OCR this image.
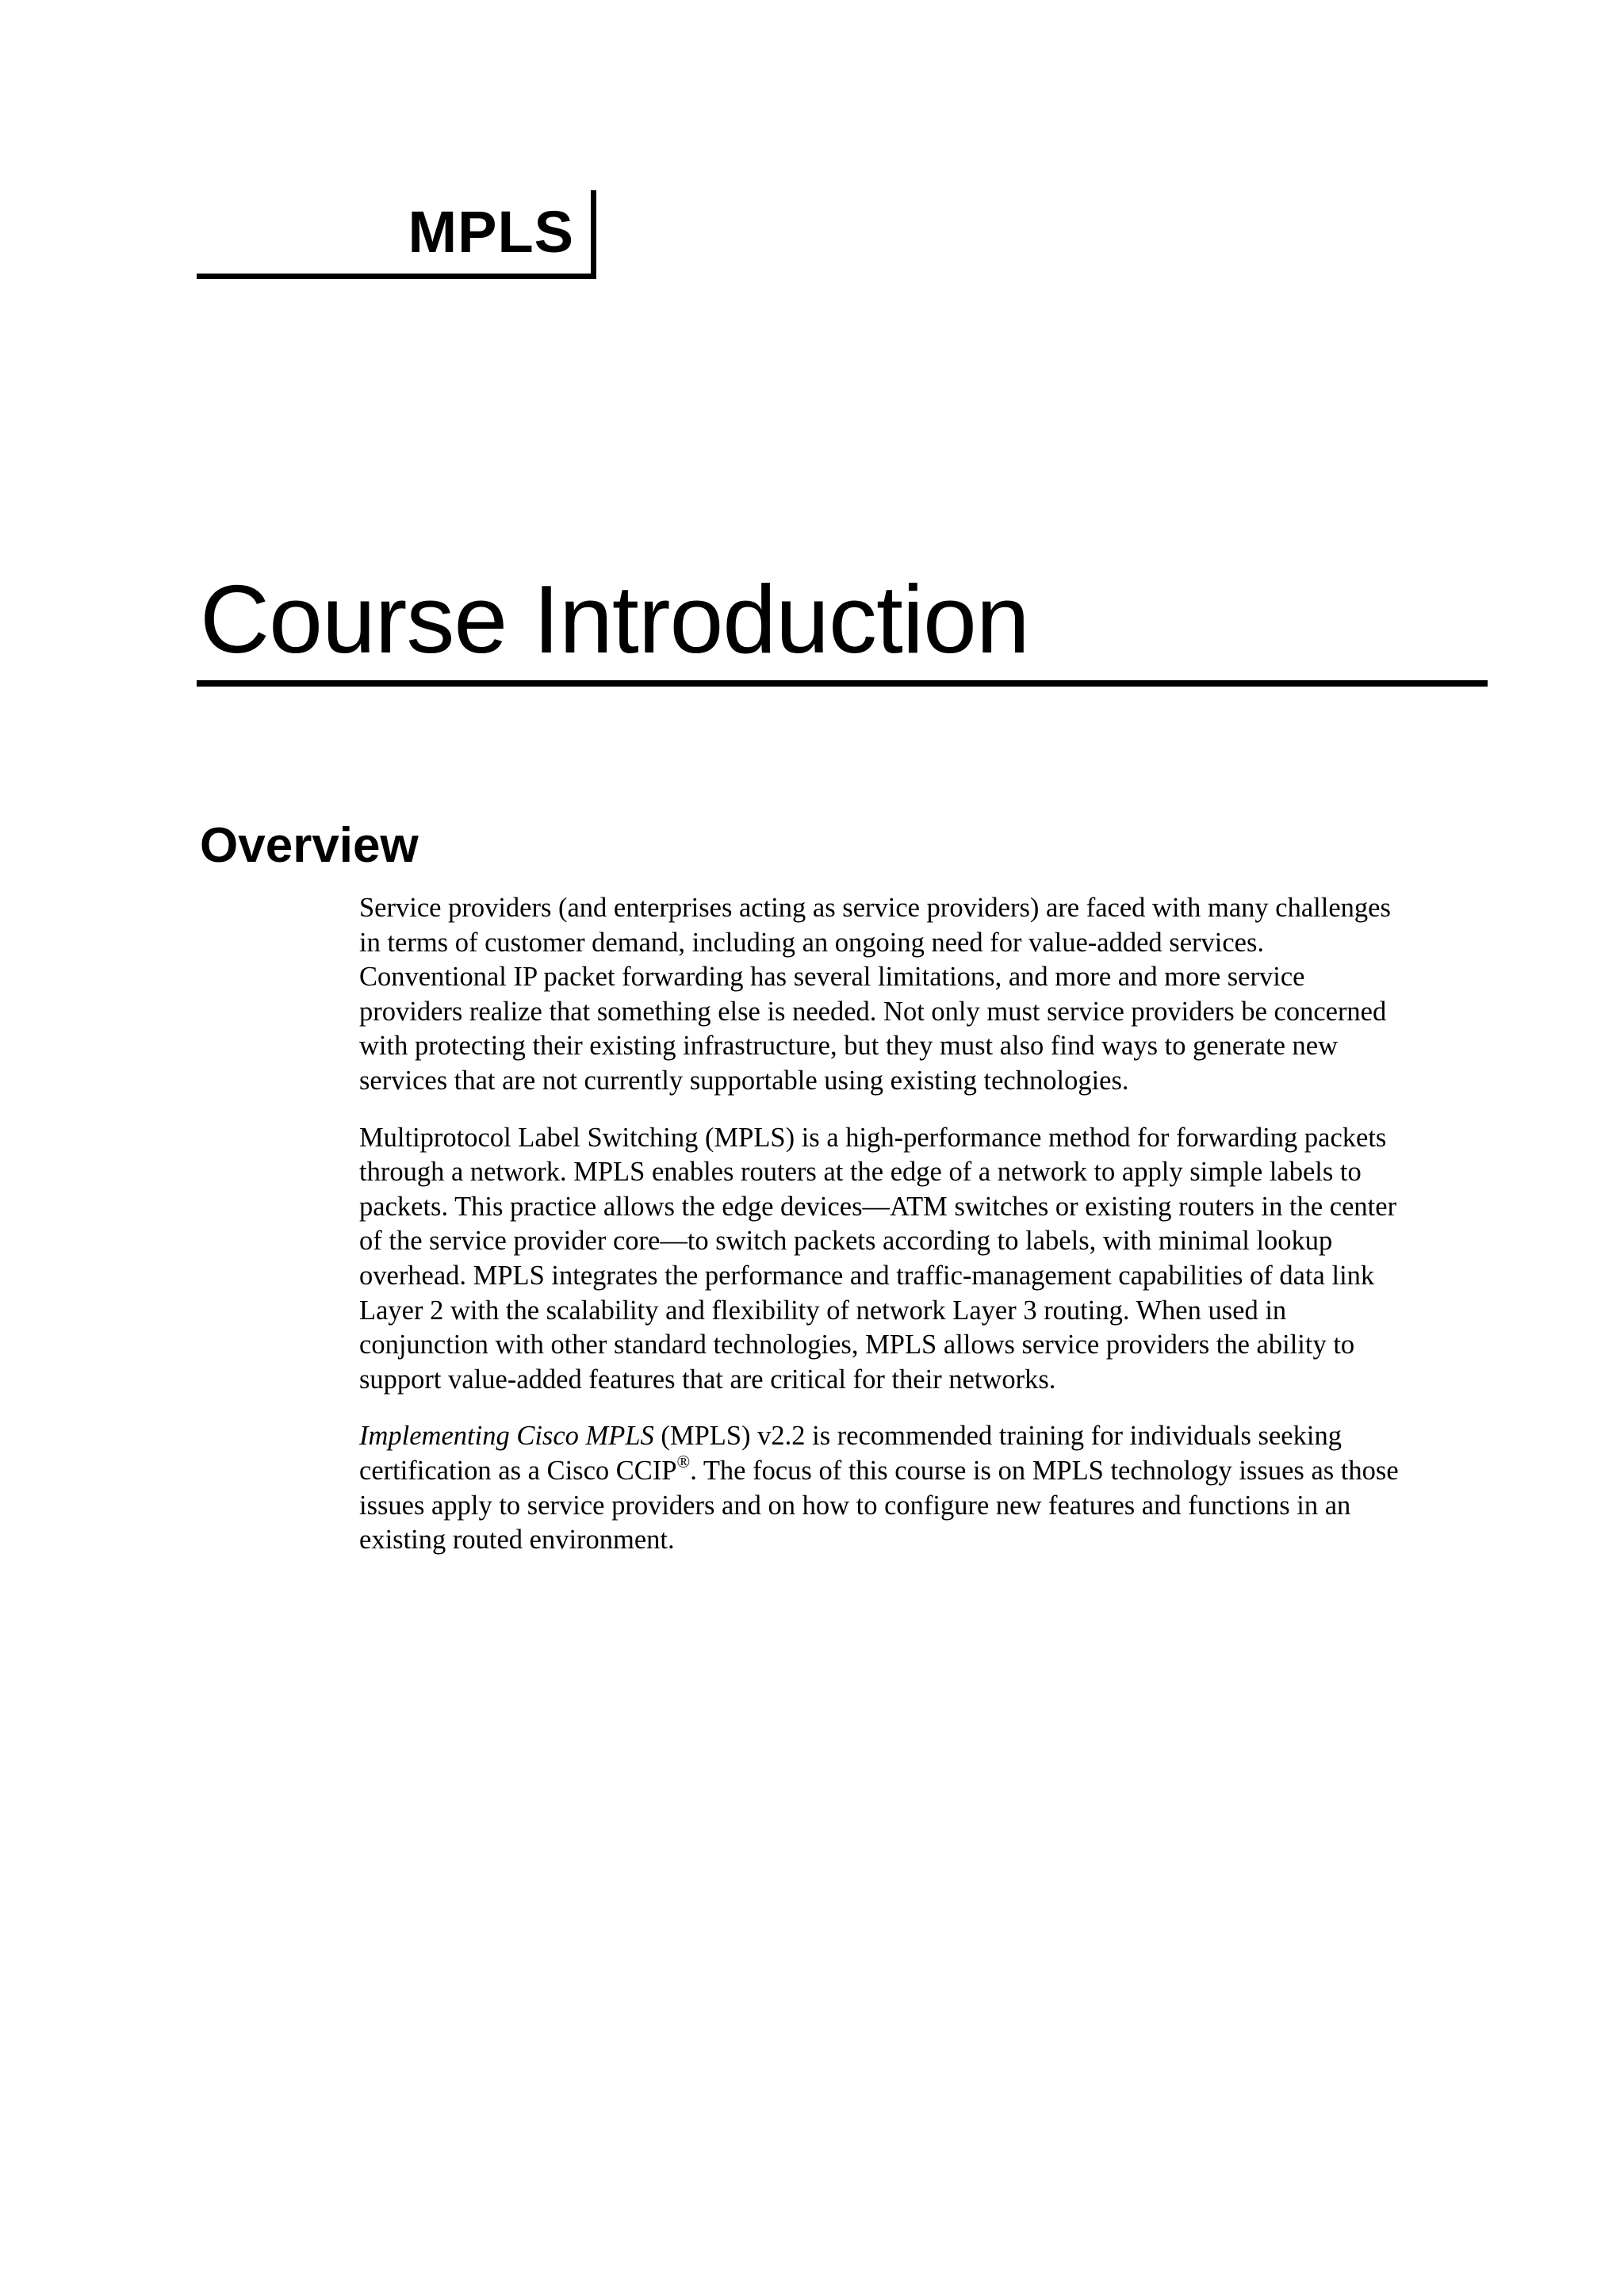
MPLS
Course Introduction
Overview

Service providers (and enterprises acting as service providers) are faced with many challenges
in terms of customer demand, including an ongoing need for value-added services.
Conventional IP packet forwarding has several limitations, and more and more service
providers realize that something else is needed. Not only must service providers be concerned
with protecting their existing infrastructure, but they must also find ways to generate new
services that are not currently supportable using existing technologies.

Multiprotocol Label Switching (MPLS) is a high-performance method for forwarding packets
through a network. MPLS enables routers at the edge of a network to apply simple labels to
packets. This practice allows the edge devices—ATM switches or existing routers in the center
of the service provider core—to switch packets according to labels, with minimal lookup
overhead. MPLS integrates the performance and traffic-management capabilities of data link
Layer 2 with the scalability and flexibility of network Layer 3 routing. When used in
conjunction with other standard technologies, MPLS allows service providers the ability to
support value-added features that are critical for their networks.

Implementing Cisco MPLS (MPLS) v2.2 is recommended training for individuals seeking
certification as a Cisco CCIP®. The focus of this course is on MPLS technology issues as those
issues apply to service providers and on how to configure new features and functions in an
existing routed environment.
